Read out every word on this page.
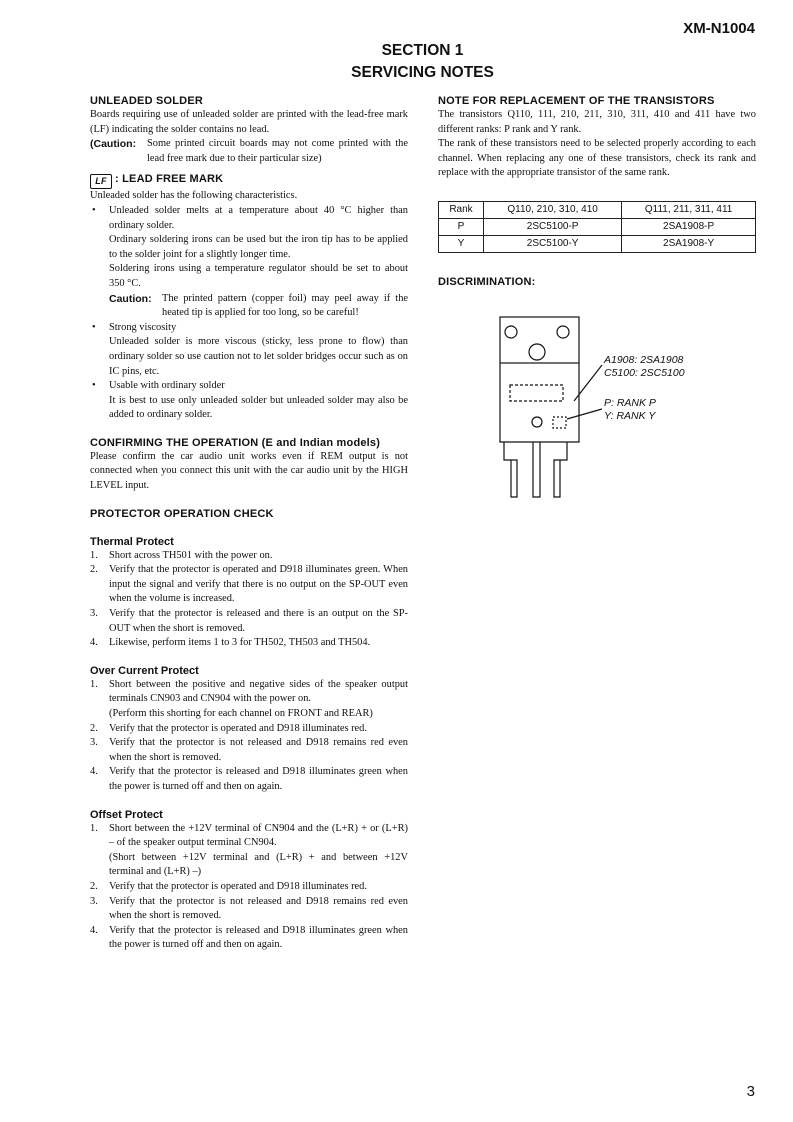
XM-N1004
SECTION 1
SERVICING NOTES
UNLEADED SOLDER

Boards requiring use of unleaded solder are printed with the lead-free mark (LF) indicating the solder contains no lead.

(Caution: Some printed circuit boards may not come printed with the lead free mark due to their particular size)
LF : LEAD FREE MARK

Unleaded solder has the following characteristics.

• Unleaded solder melts at a temperature about 40 °C higher than ordinary solder.
Ordinary soldering irons can be used but the iron tip has to be applied to the solder joint for a slightly longer time.
Soldering irons using a temperature regulator should be set to about 350 °C.
Caution: The printed pattern (copper foil) may peel away if the heated tip is applied for too long, so be careful!
• Strong viscosity
Unleaded solder is more viscous (sticky, less prone to flow) than ordinary solder so use caution not to let solder bridges occur such as on IC pins, etc.
• Usable with ordinary solder
It is best to use only unleaded solder but unleaded solder may also be added to ordinary solder.
CONFIRMING THE OPERATION (E and Indian models)

Please confirm the car audio unit works even if REM output is not connected when you connect this unit with the car audio unit by the HIGH LEVEL input.

PROTECTOR OPERATION CHECK
Thermal Protect
1. Short across TH501 with the power on.
2. Verify that the protector is operated and D918 illuminates green. When input the signal and verify that there is no output on the SP-OUT even when the volume is increased.
3. Verify that the protector is released and there is an output on the SP-OUT when the short is removed.
4. Likewise, perform items 1 to 3 for TH502, TH503 and TH504.
Over Current Protect
1. Short between the positive and negative sides of the speaker output terminals CN903 and CN904 with the power on.
(Perform this shorting for each channel on FRONT and REAR)
2. Verify that the protector is operated and D918 illuminates red.
3. Verify that the protector is not released and D918 remains red even when the short is removed.
4. Verify that the protector is released and D918 illuminates green when the power is turned off and then on again.
Offset Protect
1. Short between the +12V terminal of CN904 and the (L+R) + or (L+R) – of the speaker output terminal CN904.
(Short between +12V terminal and (L+R) + and between +12V terminal and (L+R) –)
2. Verify that the protector is operated and D918 illuminates red.
3. Verify that the protector is not released and D918 remains red even when the short is removed.
4. Verify that the protector is released and D918 illuminates green when the power is turned off and then on again.
NOTE FOR REPLACEMENT OF THE TRANSISTORS

The transistors Q110, 111, 210, 211, 310, 311, 410 and 411 have two different ranks: P rank and Y rank.

The rank of these transistors need to be selected properly according to each channel. When replacing any one of these transistors, check its rank and replace with the appropriate transistor of the same rank.

Rank	Q110, 210, 310, 410	Q111, 211, 311, 411
P	2SC5100-P	2SA1908-P
Y	2SC5100-Y	2SA1908-Y
DISCRIMINATION:
A1908: 2SA1908
C5100: 2SC5100
P: RANK P
Y: RANK Y
3
